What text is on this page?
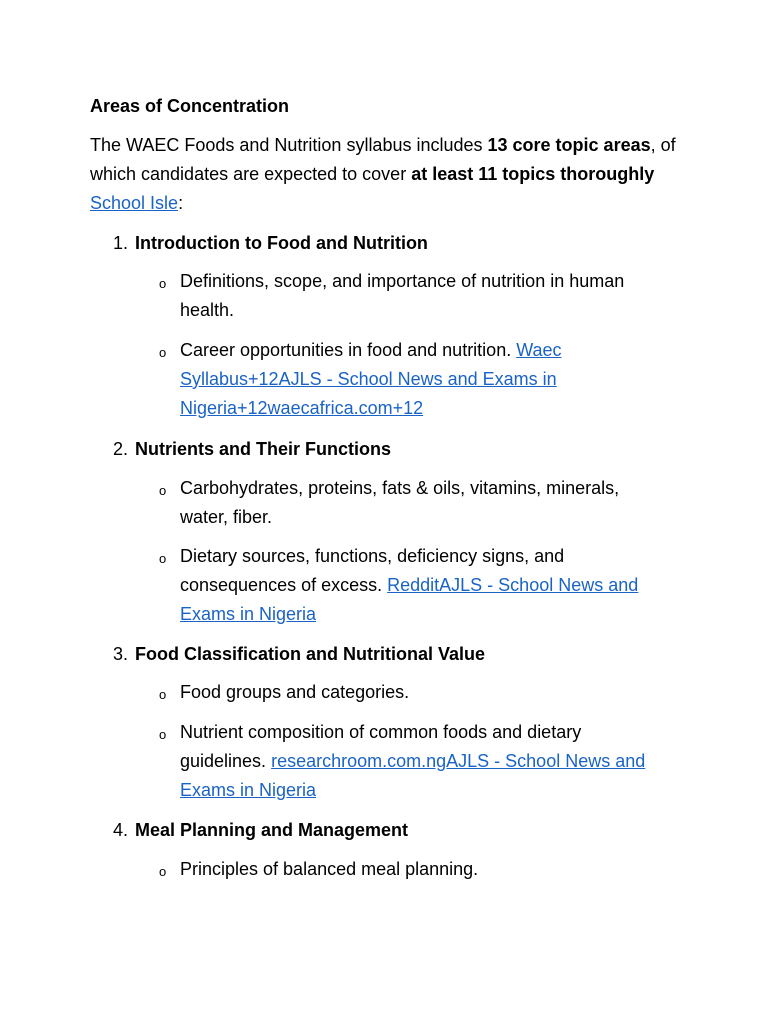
Areas of Concentration

The WAEC Foods and Nutrition syllabus includes 13 core topic areas, of which candidates are expected to cover at least 11 topics thoroughly
School Isle:

1. Introduction to Food and Nutrition
o Definitions, scope, and importance of nutrition in human health.
o Career opportunities in food and nutrition. Waec Syllabus+12AJLS - School News and Exams in Nigeria+12waecafrica.com+12
2. Nutrients and Their Functions
o Carbohydrates, proteins, fats & oils, vitamins, minerals, water, fiber.
o Dietary sources, functions, deficiency signs, and consequences of excess. RedditAJLS - School News and Exams in Nigeria
3. Food Classification and Nutritional Value
o Food groups and categories.
o Nutrient composition of common foods and dietary guidelines. researchroom.com.ngAJLS - School News and Exams in Nigeria
4. Meal Planning and Management
o Principles of balanced meal planning.
